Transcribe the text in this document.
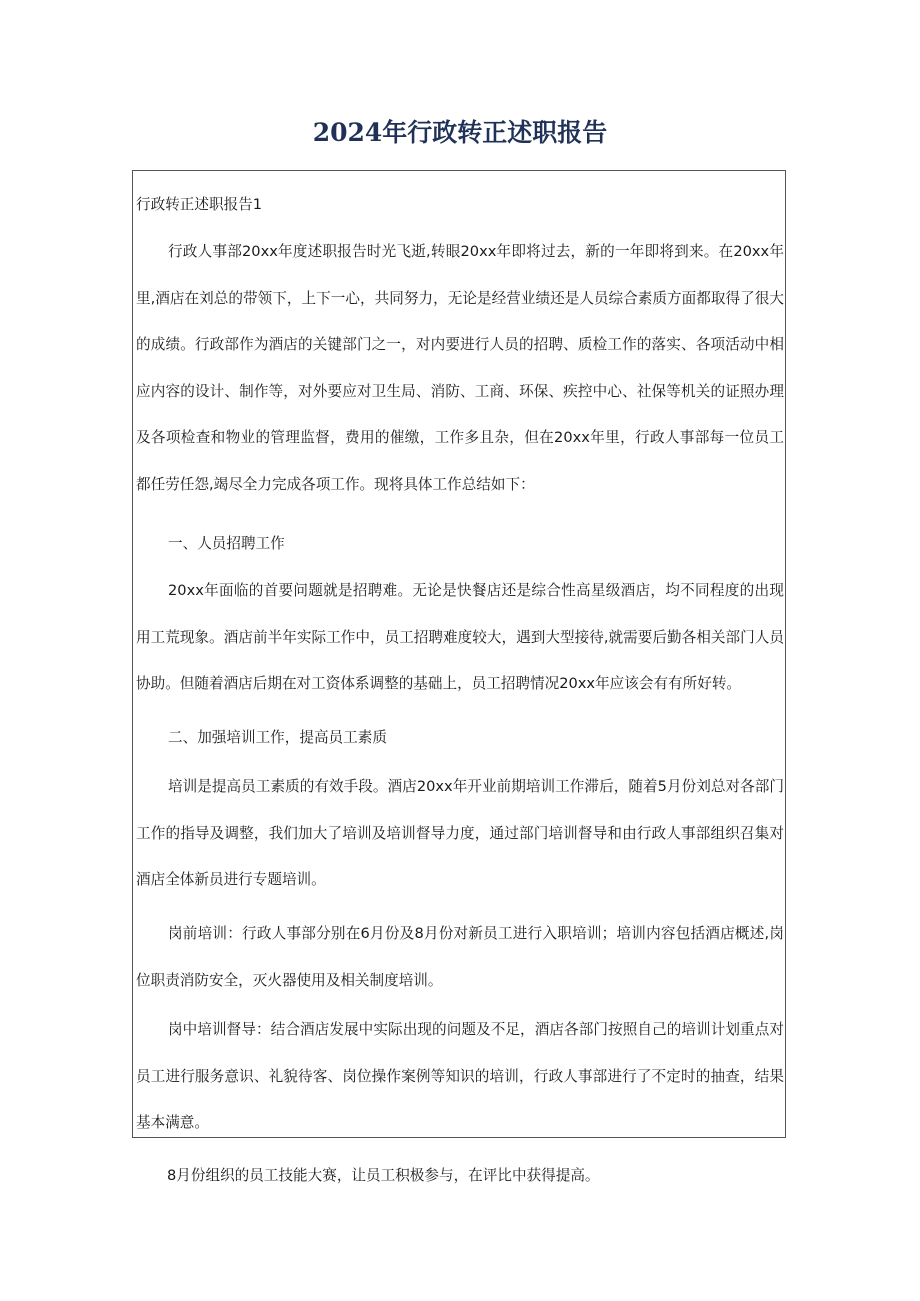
2024年行政转正述职报告

行政转正述职报告1

行政人事部20xx年度述职报告时光飞逝,转眼20xx年即将过去，新的一年即将到来。在20xx年里,酒店在刘总的带领下，上下一心，共同努力，无论是经营业绩还是人员综合素质方面都取得了很大的成绩。行政部作为酒店的关键部门之一，对内要进行人员的招聘、质检工作的落实、各项活动中相应内容的设计、制作等，对外要应对卫生局、消防、工商、环保、疾控中心、社保等机关的证照办理及各项检查和物业的管理监督，费用的催缴，工作多且杂，但在20xx年里，行政人事部每一位员工都任劳任怨,竭尽全力完成各项工作。现将具体工作总结如下：

一、人员招聘工作

20xx年面临的首要问题就是招聘难。无论是快餐店还是综合性高星级酒店，均不同程度的出现用工荒现象。酒店前半年实际工作中，员工招聘难度较大，遇到大型接待,就需要后勤各相关部门人员协助。但随着酒店后期在对工资体系调整的基础上，员工招聘情况20xx年应该会有有所好转。

二、加强培训工作，提高员工素质

培训是提高员工素质的有效手段。酒店20xx年开业前期培训工作滞后，随着5月份刘总对各部门工作的指导及调整，我们加大了培训及培训督导力度，通过部门培训督导和由行政人事部组织召集对酒店全体新员进行专题培训。

岗前培训：行政人事部分别在6月份及8月份对新员工进行入职培训；培训内容包括酒店概述,岗位职责消防安全，灭火器使用及相关制度培训。

岗中培训督导：结合酒店发展中实际出现的问题及不足，酒店各部门按照自己的培训计划重点对员工进行服务意识、礼貌待客、岗位操作案例等知识的培训，行政人事部进行了不定时的抽查，结果基本满意。

8月份组织的员工技能大赛，让员工积极参与，在评比中获得提高。
